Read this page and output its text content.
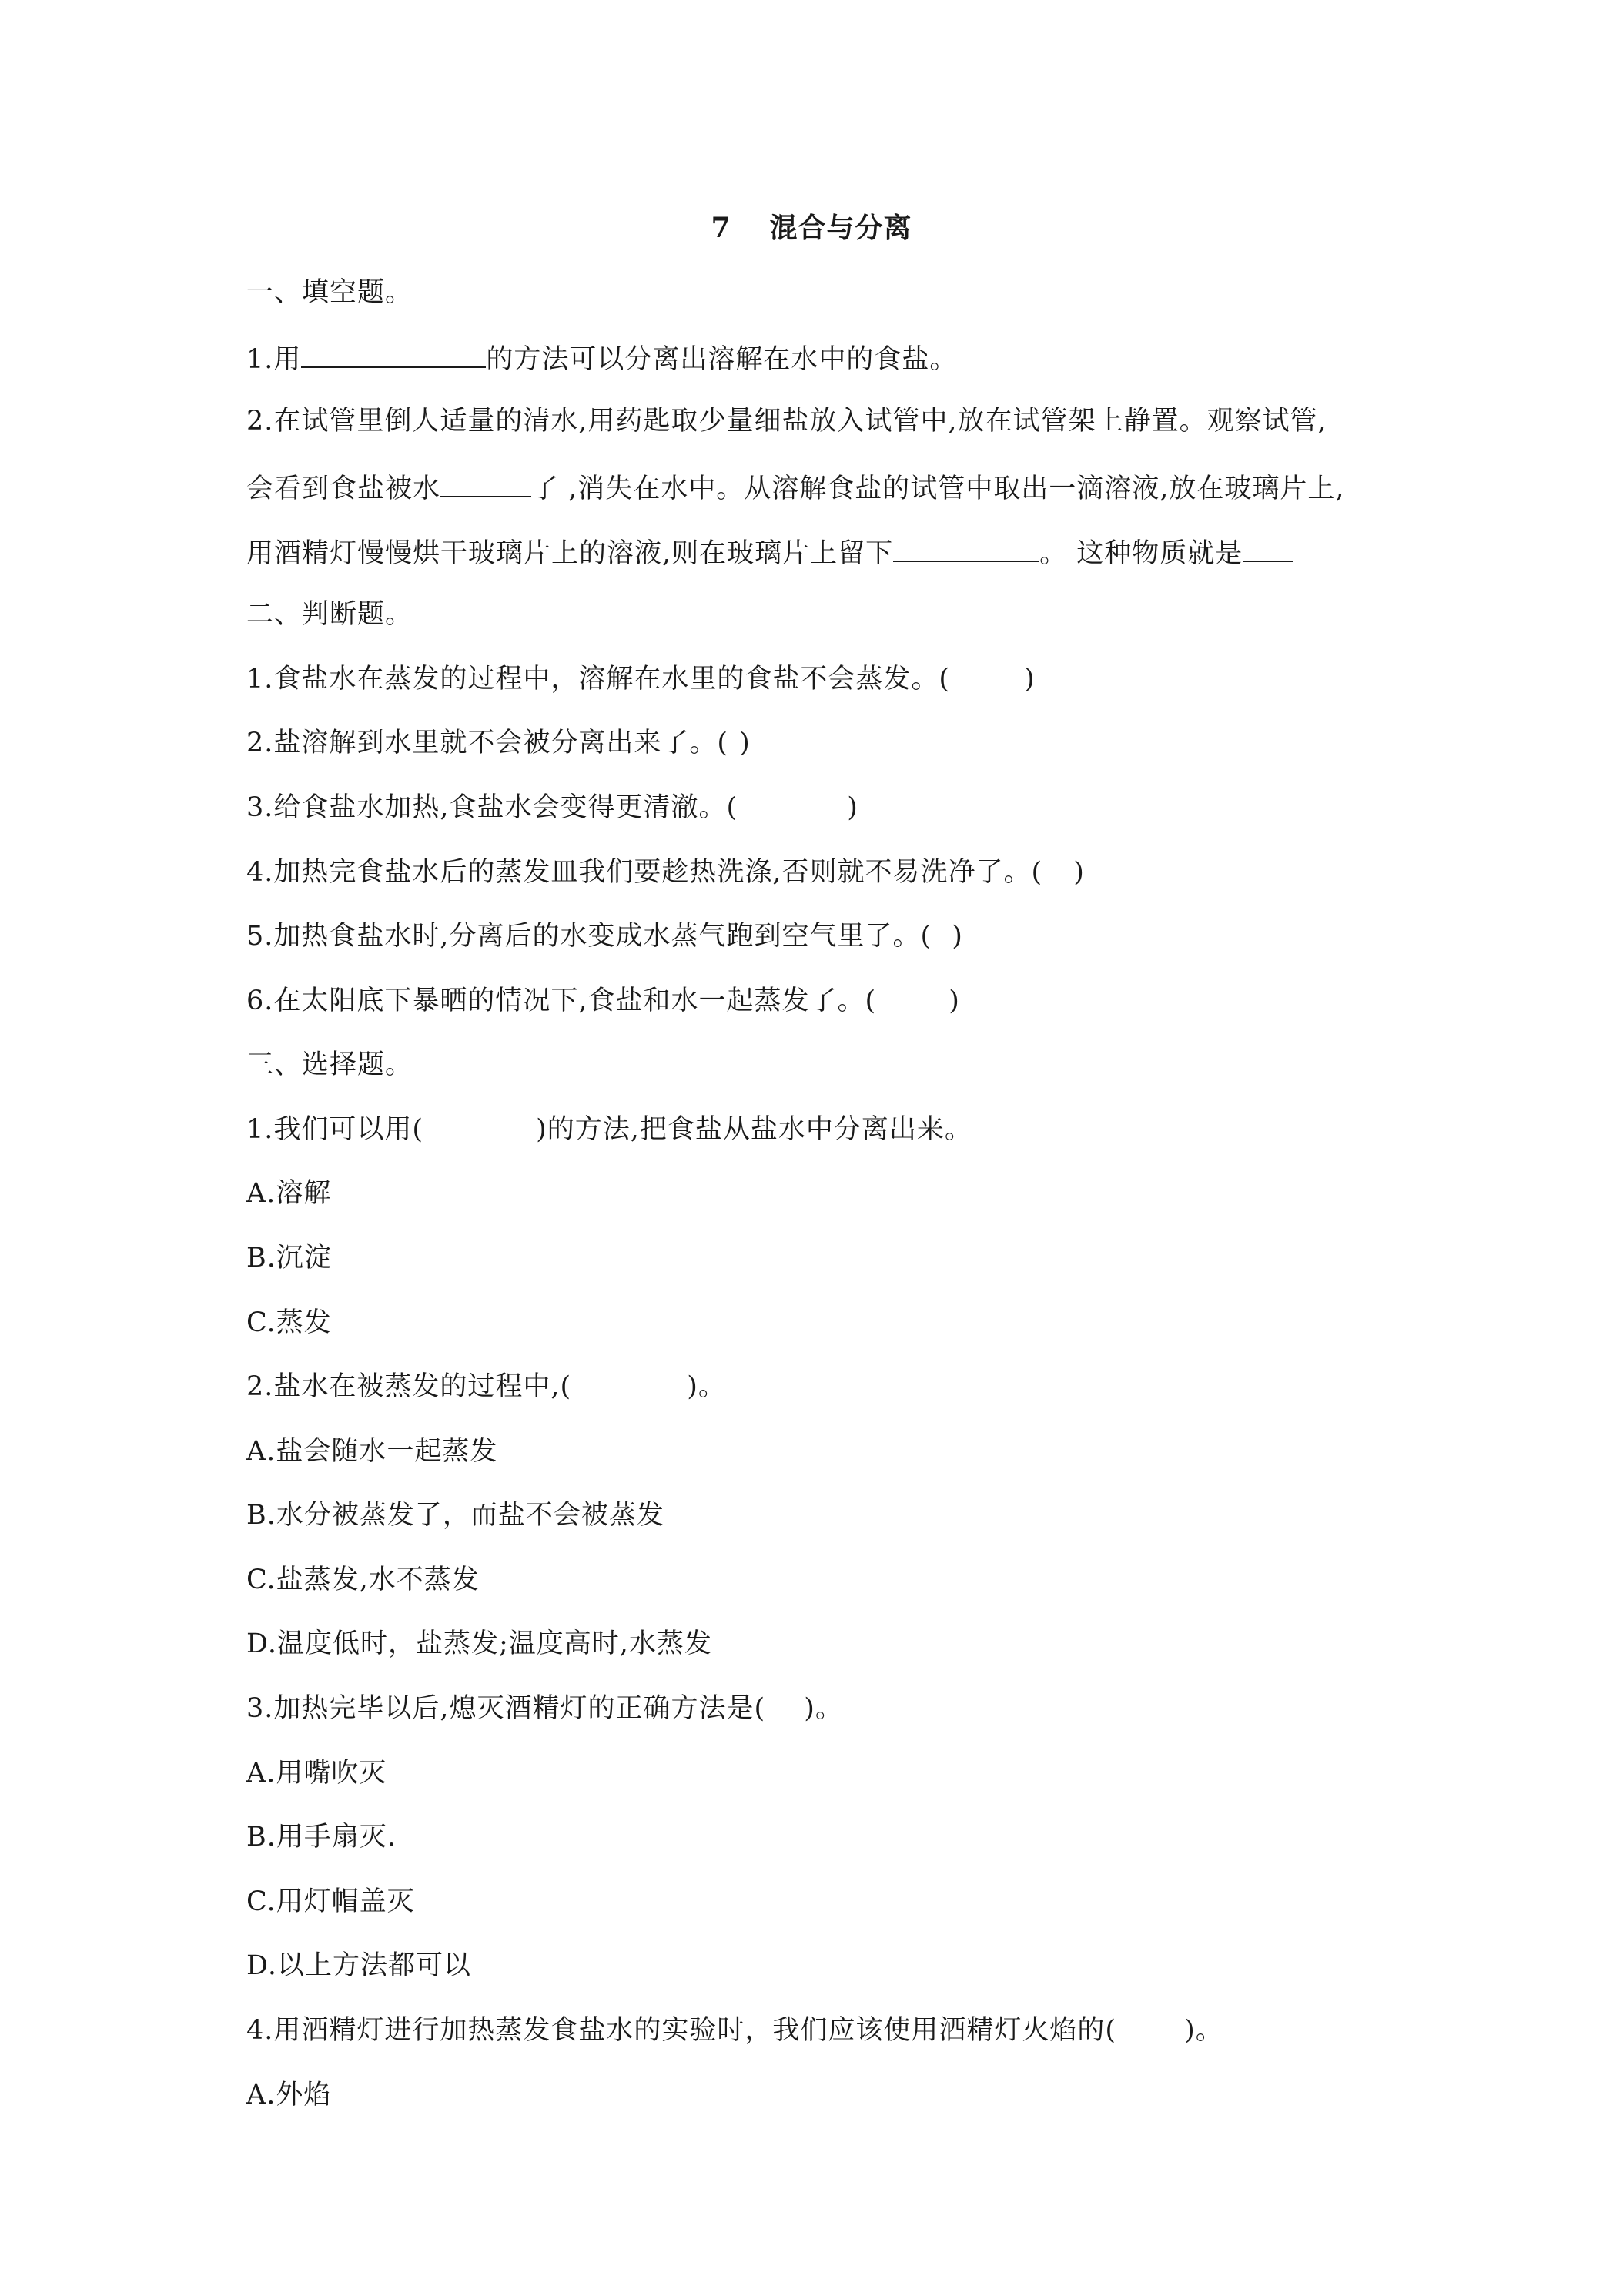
7 混合与分离
一、填空题。
1.用	的方法可以分离出溶解在水中的食盐。
2.在试管里倒人适量的清水,用药匙取少量细盐放入试管中,放在试管架上静置。观察试管,
会看到食盐被水	了 ,消失在水中。从溶解食盐的试管中取出一滴溶液,放在玻璃片上,
用酒精灯慢慢烘干玻璃片上的溶液,则在玻璃片上留下	。 这种物质就是
二、判断题。
1.食盐水在蒸发的过程中，溶解在水里的食盐不会蒸发。(	)
2.盐溶解到水里就不会被分离出来了。( )
3.给食盐水加热,食盐水会变得更清澈。(	)
4.加热完食盐水后的蒸发皿我们要趁热洗涤,否则就不易洗净了。( )
5.加热食盐水时,分离后的水变成水蒸气跑到空气里了。( )
6.在太阳底下暴晒的情况下,食盐和水一起蒸发了。(	)
三、选择题。
1.我们可以用(	)的方法,把食盐从盐水中分离出来。
A.溶解
B.沉淀
C.蒸发
2.盐水在被蒸发的过程中,(	)。
A.盐会随水一起蒸发
B.水分被蒸发了，而盐不会被蒸发
C.盐蒸发,水不蒸发
D.温度低时，盐蒸发;温度高时,水蒸发
3.加热完毕以后,熄灭酒精灯的正确方法是( )。
A.用嘴吹灭
B.用手扇灭.
C.用灯帽盖灭
D.以上方法都可以
4.用酒精灯进行加热蒸发食盐水的实验时，我们应该使用酒精灯火焰的(	)。
A.外焰
